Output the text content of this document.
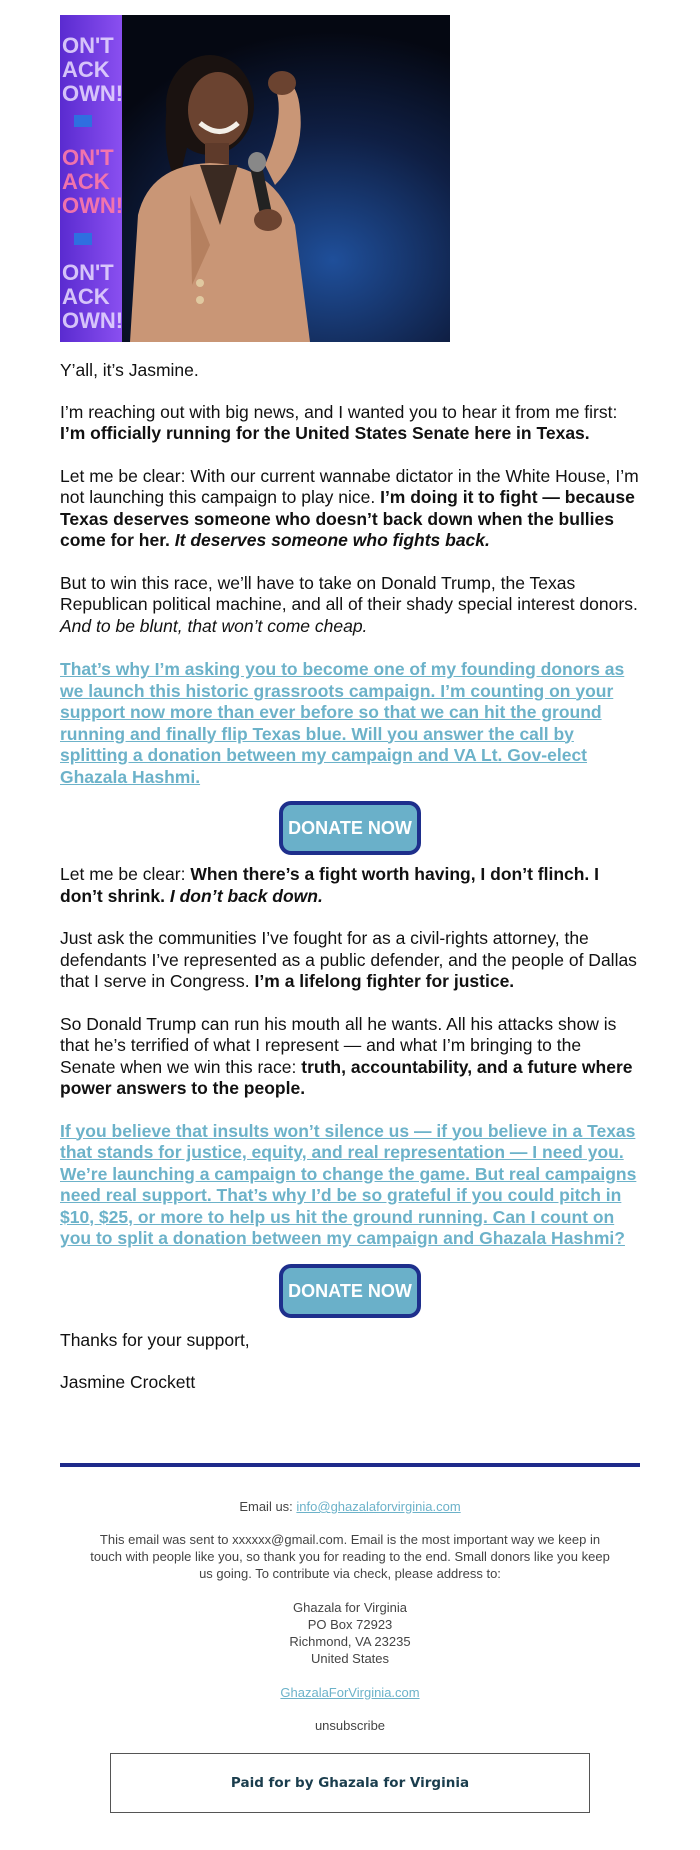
ON'T
ACK
OWN!
ON'T
ACK
OWN!
ON'T
ACK
OWN!

Y’all, it’s Jasmine.

I’m reaching out with big news, and I wanted you to hear it from me first:
I’m officially running for the United States Senate here in Texas.

Let me be clear: With our current wannabe dictator in the White House, I’m not launching this campaign to play nice. I’m doing it to fight — because Texas deserves someone who doesn’t back down when the bullies come for her. It deserves someone who fights back.

But to win this race, we’ll have to take on Donald Trump, the Texas Republican political machine, and all of their shady special interest donors.
And to be blunt, that won’t come cheap.

That’s why I’m asking you to become one of my founding donors as we launch this historic grassroots campaign. I’m counting on your support now more than ever before so that we can hit the ground running and finally flip Texas blue. Will you answer the call by splitting a donation between my campaign and VA Lt. Gov-elect Ghazala Hashmi.

DONATE NOW

Let me be clear: When there’s a fight worth having, I don’t flinch. I don’t shrink. I don’t back down.

Just ask the communities I’ve fought for as a civil-rights attorney, the defendants I’ve represented as a public defender, and the people of Dallas that I serve in Congress. I’m a lifelong fighter for justice.

So Donald Trump can run his mouth all he wants. All his attacks show is that he’s terrified of what I represent — and what I’m bringing to the Senate when we win this race: truth, accountability, and a future where power answers to the people.

If you believe that insults won’t silence us — if you believe in a Texas that stands for justice, equity, and real representation — I need you. We’re launching a campaign to change the game. But real campaigns need real support. That’s why I’d be so grateful if you could pitch in $10, $25, or more to help us hit the ground running. Can I count on you to split a donation between my campaign and Ghazala Hashmi?

DONATE NOW

Thanks for your support,

Jasmine Crockett

Email us: info@ghazalaforvirginia.com
This email was sent to xxxxxx@gmail.com. Email is the most important way we keep in touch with people like you, so thank you for reading to the end. Small donors like you keep us going. To contribute via check, please address to:
Ghazala for Virginia
PO Box 72923
Richmond, VA 23235
United States
GhazalaForVirginia.com
unsubscribe
Paid for by Ghazala for Virginia
